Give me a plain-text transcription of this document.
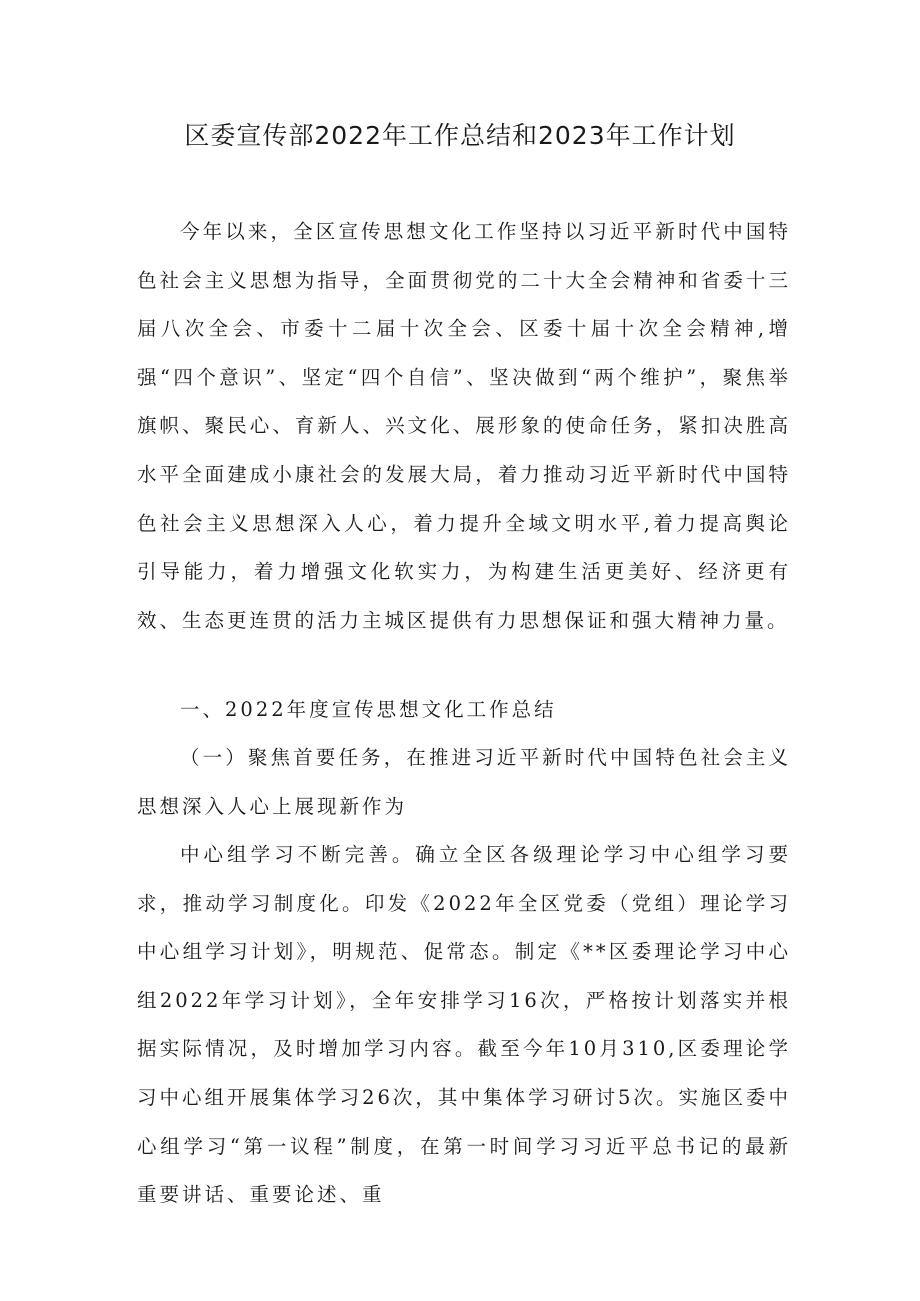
区委宣传部2022年工作总结和2023年工作计划

今年以来，全区宣传思想文化工作坚持以习近平新时代中国特色社会主义思想为指导，全面贯彻党的二十大全会精神和省委十三届八次全会、市委十二届十次全会、区委十届十次全会精神,增强“四个意识”、坚定“四个自信”、坚决做到“两个维护”，聚焦举旗帜、聚民心、育新人、兴文化、展形象的使命任务，紧扣决胜高水平全面建成小康社会的发展大局，着力推动习近平新时代中国特色社会主义思想深入人心，着力提升全域文明水平,着力提高舆论引导能力，着力增强文化软实力，为构建生活更美好、经济更有效、生态更连贯的活力主城区提供有力思想保证和强大精神力量。

一、2022年度宣传思想文化工作总结

（一）聚焦首要任务，在推进习近平新时代中国特色社会主义思想深入人心上展现新作为

中心组学习不断完善。确立全区各级理论学习中心组学习要求，推动学习制度化。印发《2022年全区党委（党组）理论学习中心组学习计划》，明规范、促常态。制定《**区委理论学习中心组2022年学习计划》，全年安排学习16次，严格按计划落实并根据实际情况，及时增加学习内容。截至今年10月310,区委理论学习中心组开展集体学习26次，其中集体学习研讨5次。实施区委中心组学习“第一议程”制度，在第一时间学习习近平总书记的最新重要讲话、重要论述、重
